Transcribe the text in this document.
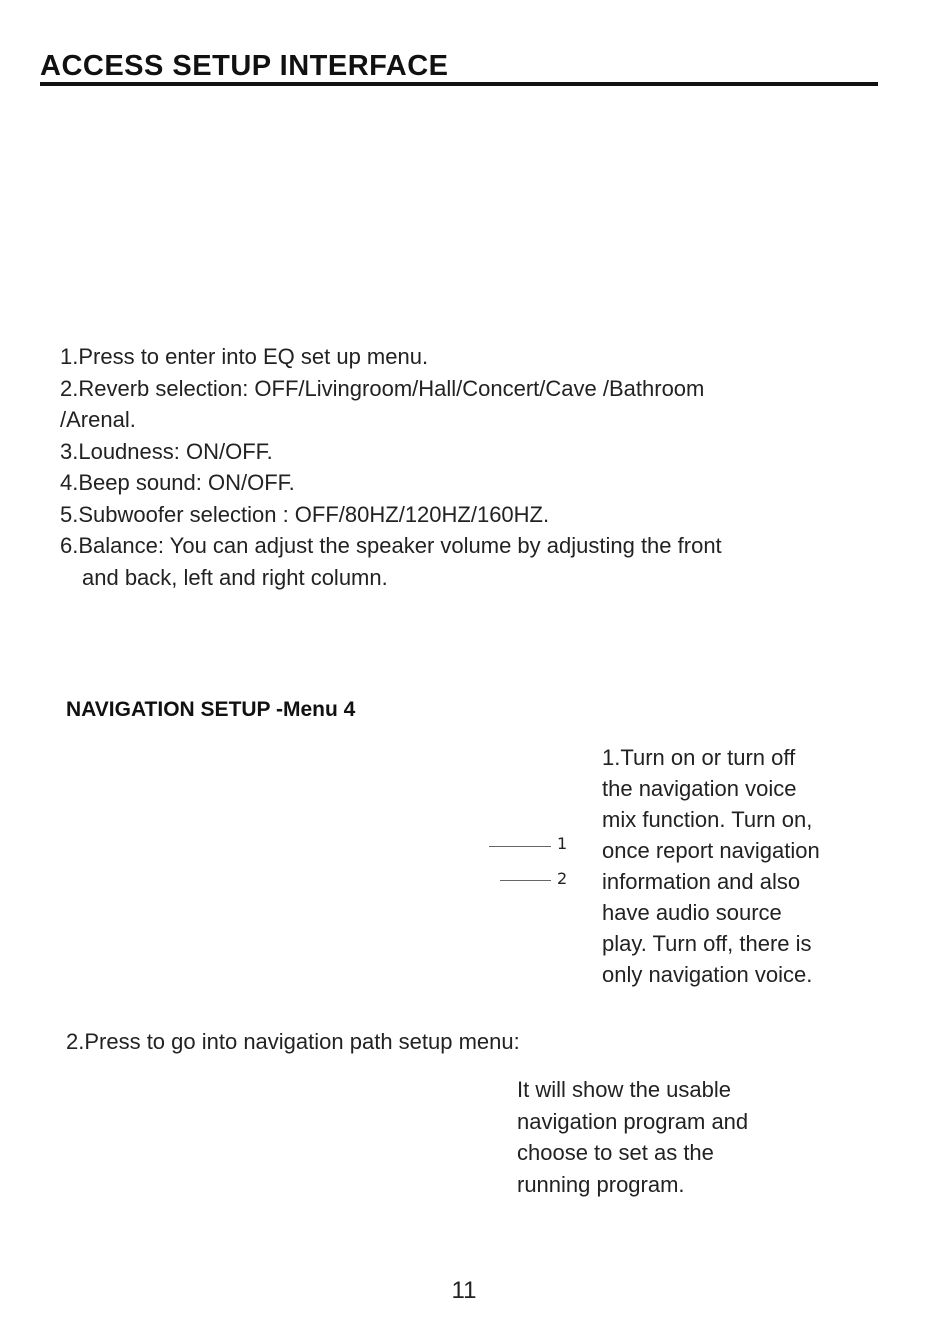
ACCESS SETUP INTERFACE
1.Press to enter into EQ set up menu.
2.Reverb selection: OFF/Livingroom/Hall/Concert/Cave /Bathroom
/Arenal.
3.Loudness: ON/OFF.
4.Beep sound: ON/OFF.
5.Subwoofer selection : OFF/80HZ/120HZ/160HZ.
6.Balance: You can adjust the speaker volume by adjusting the front
and back, left and right column.
NAVIGATION SETUP -Menu 4
1
2
1.Turn on or turn off
the navigation voice
mix function. Turn on,
once report navigation
information and also
have audio source
play. Turn off, there is
only navigation voice.
2.Press to go into navigation path setup menu:
It will show the usable
navigation program and
choose to set as the
running program.
11
